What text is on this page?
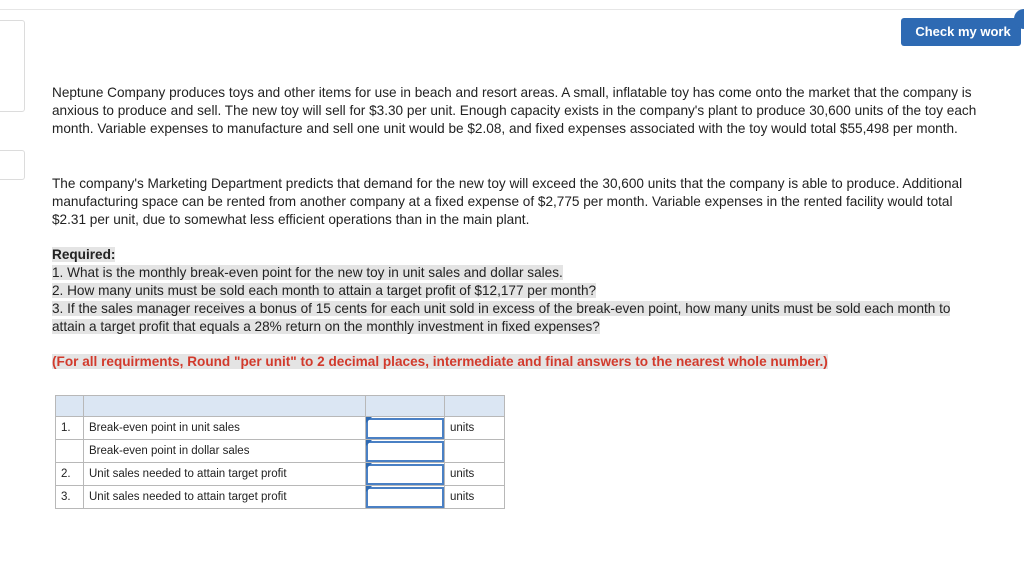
Check my work

Neptune Company produces toys and other items for use in beach and resort areas. A small, inflatable toy has come onto the market that the company is anxious to produce and sell. The new toy will sell for $3.30 per unit. Enough capacity exists in the company's plant to produce 30,600 units of the toy each month. Variable expenses to manufacture and sell one unit would be $2.08, and fixed expenses associated with the toy would total $55,498 per month.

The company's Marketing Department predicts that demand for the new toy will exceed the 30,600 units that the company is able to produce. Additional manufacturing space can be rented from another company at a fixed expense of $2,775 per month. Variable expenses in the rented facility would total $2.31 per unit, due to somewhat less efficient operations than in the main plant.

Required:
1. What is the monthly break-even point for the new toy in unit sales and dollar sales.
2. How many units must be sold each month to attain a target profit of $12,177 per month?
3. If the sales manager receives a bonus of 15 cents for each unit sold in excess of the break-even point, how many units must be sold each month to attain a target profit that equals a 28% return on the monthly investment in fixed expenses?
(For all requirments, Round "per unit" to 2 decimal places, intermediate and final answers to the nearest whole number.)

1.	Break-even point in unit sales		units
	Break-even point in dollar sales	

2.	Unit sales needed to attain target profit		units
3.	Unit sales needed to attain target profit		units
